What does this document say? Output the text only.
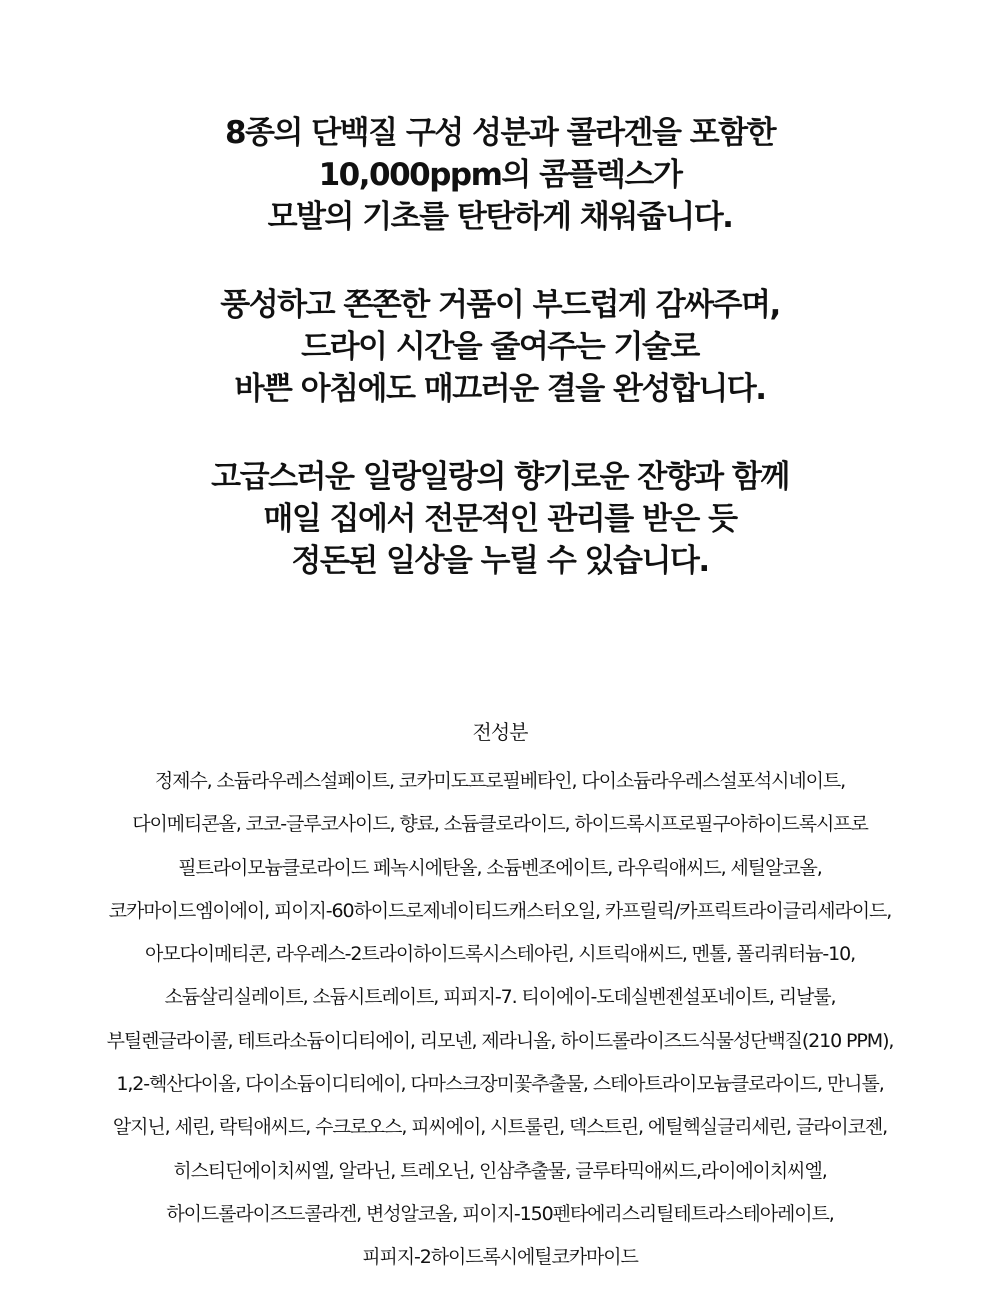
8종의 단백질 구성 성분과 콜라겐을 포함한
10,000ppm의 콤플렉스가
모발의 기초를 탄탄하게 채워줍니다.
풍성하고 쫀쫀한 거품이 부드럽게 감싸주며,
드라이 시간을 줄여주는 기술로
바쁜 아침에도 매끄러운 결을 완성합니다.
고급스러운 일랑일랑의 향기로운 잔향과 함께
매일 집에서 전문적인 관리를 받은 듯
정돈된 일상을 누릴 수 있습니다.
전성분
정제수, 소듐라우레스설페이트, 코카미도프로필베타인, 다이소듐라우레스설포석시네이트,
다이메티콘올, 코코-글루코사이드, 향료, 소듐클로라이드, 하이드록시프로필구아하이드록시프로
필트라이모늄클로라이드 페녹시에탄올, 소듐벤조에이트, 라우릭애씨드, 세틸알코올,
코카마이드엠이에이, 피이지-60하이드로제네이티드캐스터오일, 카프릴릭/카프릭트라이글리세라이드,
아모다이메티콘, 라우레스-2트라이하이드록시스테아린, 시트릭애씨드, 멘톨, 폴리쿼터늄-10,
소듐살리실레이트, 소듐시트레이트, 피피지-7. 티이에이-도데실벤젠설포네이트, 리날룰,
부틸렌글라이콜, 테트라소듐이디티에이, 리모넨, 제라니올, 하이드롤라이즈드식물성단백질(210 PPM),
1,2-헥산다이올, 다이소듐이디티에이, 다마스크장미꽃추출물, 스테아트라이모늄클로라이드, 만니톨,
알지닌, 세린, 락틱애씨드, 수크로오스, 피씨에이, 시트룰린, 덱스트린, 에틸헥실글리세린, 글라이코젠,
히스티딘에이치씨엘, 알라닌, 트레오닌, 인삼추출물, 글루타믹애씨드,라이에이치씨엘,
하이드롤라이즈드콜라겐, 변성알코올, 피이지-150펜타에리스리틸테트라스테아레이트,
피피지-2하이드록시에틸코카마이드
